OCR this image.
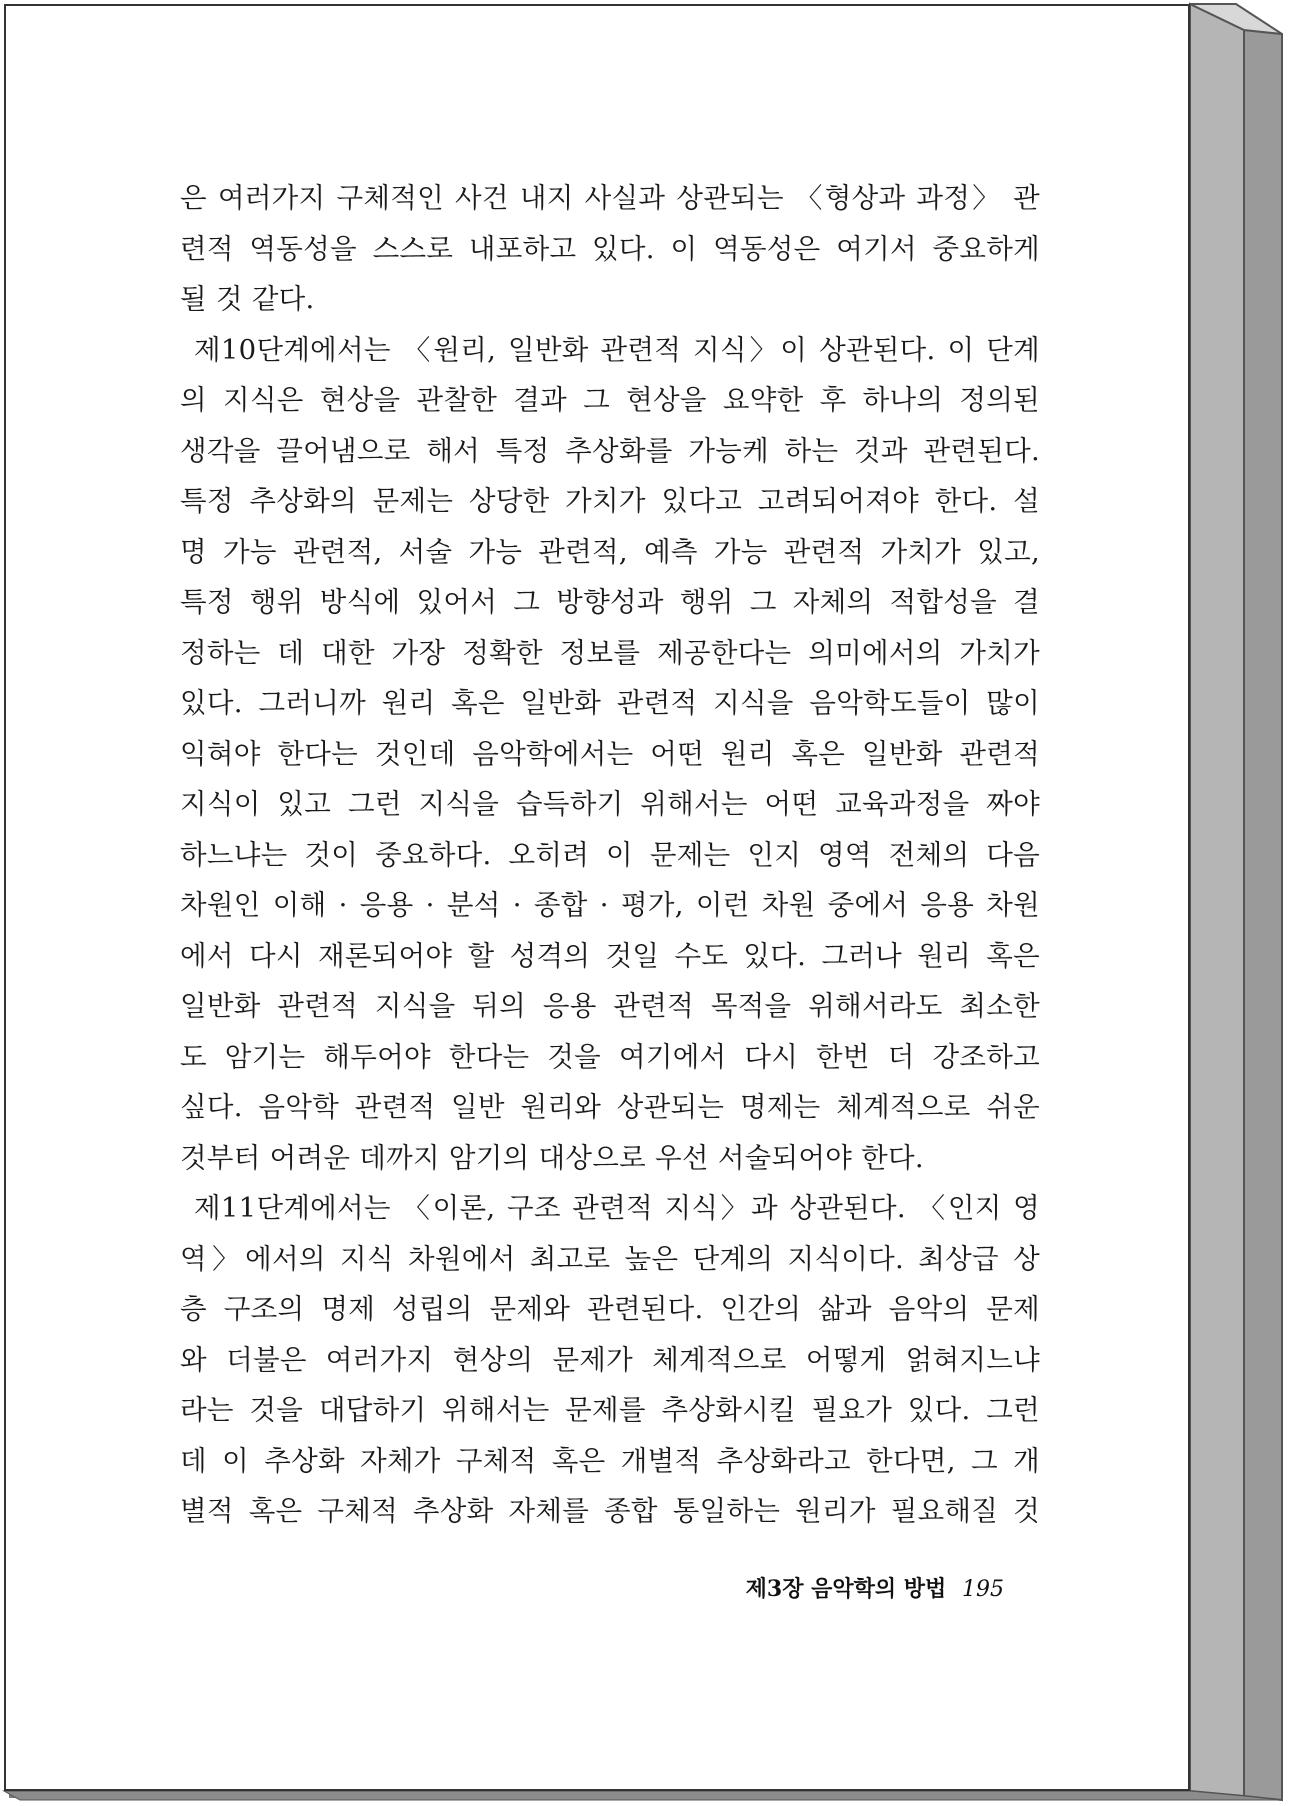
은 여러가지 구체적인 사건 내지 사실과 상관되는 〈형상과 과정〉 관
련적 역동성을 스스로 내포하고 있다. 이 역동성은 여기서 중요하게
될 것 같다.
제10단계에서는 〈원리, 일반화 관련적 지식〉이 상관된다. 이 단계
의 지식은 현상을 관찰한 결과 그 현상을 요약한 후 하나의 정의된
생각을 끌어냄으로 해서 특정 추상화를 가능케 하는 것과 관련된다.
특정 추상화의 문제는 상당한 가치가 있다고 고려되어져야 한다. 설
명 가능 관련적, 서술 가능 관련적, 예측 가능 관련적 가치가 있고,
특정 행위 방식에 있어서 그 방향성과 행위 그 자체의 적합성을 결
정하는 데 대한 가장 정확한 정보를 제공한다는 의미에서의 가치가
있다. 그러니까 원리 혹은 일반화 관련적 지식을 음악학도들이 많이
익혀야 한다는 것인데 음악학에서는 어떤 원리 혹은 일반화 관련적
지식이 있고 그런 지식을 습득하기 위해서는 어떤 교육과정을 짜야
하느냐는 것이 중요하다. 오히려 이 문제는 인지 영역 전체의 다음
차원인 이해 · 응용 · 분석 · 종합 · 평가, 이런 차원 중에서 응용 차원
에서 다시 재론되어야 할 성격의 것일 수도 있다. 그러나 원리 혹은
일반화 관련적 지식을 뒤의 응용 관련적 목적을 위해서라도 최소한
도 암기는 해두어야 한다는 것을 여기에서 다시 한번 더 강조하고
싶다. 음악학 관련적 일반 원리와 상관되는 명제는 체계적으로 쉬운
것부터 어려운 데까지 암기의 대상으로 우선 서술되어야 한다.
제11단계에서는 〈이론, 구조 관련적 지식〉과 상관된다. 〈인지 영
역〉에서의 지식 차원에서 최고로 높은 단계의 지식이다. 최상급 상
층 구조의 명제 성립의 문제와 관련된다. 인간의 삶과 음악의 문제
와 더불은 여러가지 현상의 문제가 체계적으로 어떻게 얽혀지느냐
라는 것을 대답하기 위해서는 문제를 추상화시킬 필요가 있다. 그런
데 이 추상화 자체가 구체적 혹은 개별적 추상화라고 한다면, 그 개
별적 혹은 구체적 추상화 자체를 종합 통일하는 원리가 필요해질 것
제3장 음악학의 방법 195
